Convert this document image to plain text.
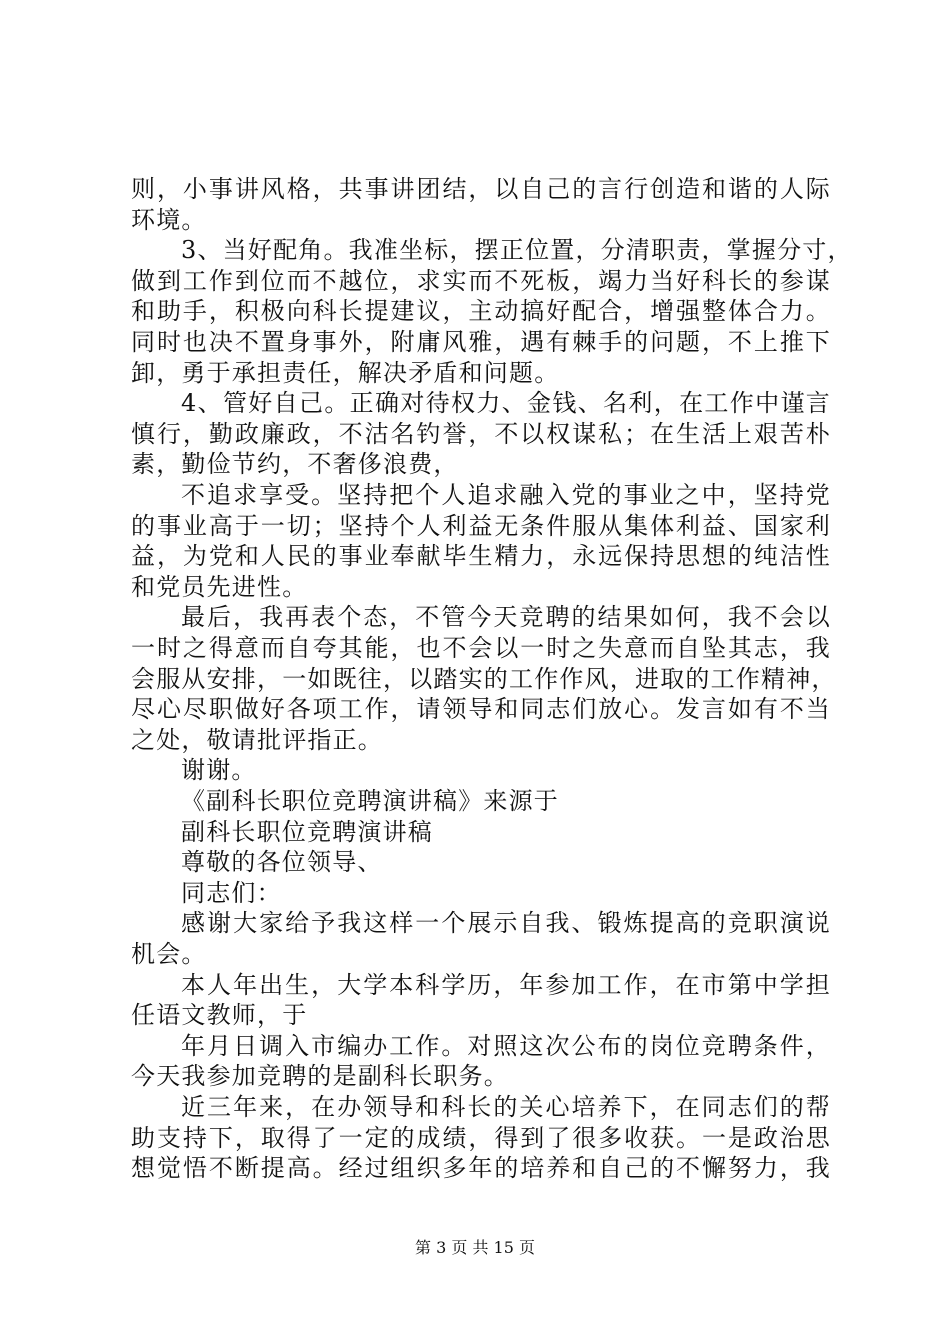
则，小事讲风格，共事讲团结，以自己的言行创造和谐的人际
环境。
3、当好配角。我准坐标，摆正位置，分清职责，掌握分寸，
做到工作到位而不越位，求实而不死板，竭力当好科长的参谋
和助手，积极向科长提建议，主动搞好配合，增强整体合力。
同时也决不置身事外，附庸风雅，遇有棘手的问题，不上推下
卸，勇于承担责任，解决矛盾和问题。
4、管好自己。正确对待权力、金钱、名利，在工作中谨言
慎行，勤政廉政，不沽名钓誉，不以权谋私；在生活上艰苦朴
素，勤俭节约，不奢侈浪费，
不追求享受。坚持把个人追求融入党的事业之中，坚持党
的事业高于一切；坚持个人利益无条件服从集体利益、国家利
益，为党和人民的事业奉献毕生精力，永远保持思想的纯洁性
和党员先进性。
最后，我再表个态，不管今天竞聘的结果如何，我不会以
一时之得意而自夸其能，也不会以一时之失意而自坠其志，我
会服从安排，一如既往，以踏实的工作作风，进取的工作精神，
尽心尽职做好各项工作，请领导和同志们放心。发言如有不当
之处，敬请批评指正。
谢谢。
《副科长职位竞聘演讲稿》来源于
副科长职位竞聘演讲稿
尊敬的各位领导、
同志们：
感谢大家给予我这样一个展示自我、锻炼提高的竞职演说
机会。
本人年出生，大学本科学历，年参加工作，在市第中学担
任语文教师，于
年月日调入市编办工作。对照这次公布的岗位竞聘条件，
今天我参加竞聘的是副科长职务。
近三年来，在办领导和科长的关心培养下，在同志们的帮
助支持下，取得了一定的成绩，得到了很多收获。一是政治思
想觉悟不断提高。经过组织多年的培养和自己的不懈努力，我
第 3 页 共 15 页
